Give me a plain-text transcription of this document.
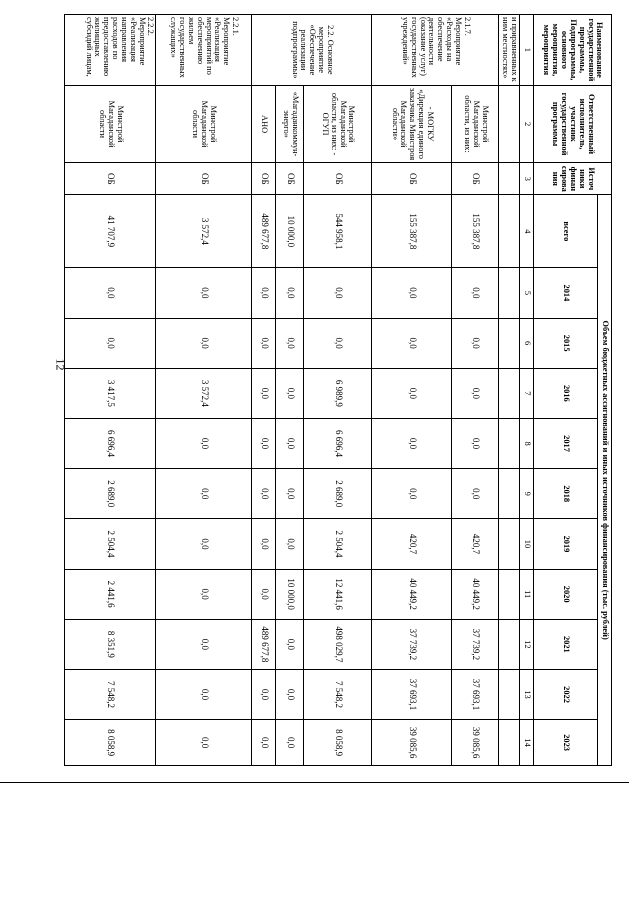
12
Наименование государственной программы, Подпрограммы, основного мероприятия, мероприятия	Ответственный исполнитель, участник государственной программы	Источники финансирования	Объем бюджетных ассигнований и иных источников финансирования (тыс. рублей)										
			всего	2014	2015	2016	2017	2018	2019	2020	2021	2022	2023
1	2	3	4	5	6	7	8	9	10	11	12	13	14
и приравненных к ним местностях»													
2.1.7. Мероприятие «Расходы на обеспечение деятельности (оказание услуг) государственных учреждений»	Минстрой Магаданской области, из них:	ОБ	155 387,8	0,0	0,0	0,0	0,0	0,0	420,7	40 449,2	37 739,2	37 693,1	39 085,6
	- МОГКУ «Дирекция единого заказчика Минстроя Магаданской области»	ОБ	155 387,8	0,0	0,0	0,0	0,0	0,0	420,7	40 449,2	37 739,2	37 693,1	39 085,6
2.2. Основное мероприятие «Обеспечение реализации подпрограммы»	Минстрой Магаданской области, из них: - ОГУП	ОБ	544 958,1	0,0	0,0	6 989,9	6 696,4	2 689,0	2 504,4	12 441,6	498 029,7	7 548,2	8 058,9
	«Магаданкоммун-энерго»	ОБ	10 000,0	0,0	0,0	0,0	0,0	0,0	0,0	10 000,0	0,0	0,0	0,0
	АНО	ОБ	489 677,8	0,0	0,0	0,0	0,0	0,0	0,0	0,0	489 677,8	0,0	0,0
2.2.1. Мероприятие «Реализация мероприятий по обеспечению жильем государственных служащих»	Минстрой Магаданской области	ОБ	3 572,4	0,0	0,0	3 572,4	0,0	0,0	0,0	0,0	0,0	0,0	0,0
2.2.2. Мероприятие «Реализация направления расходов по предоставлению жилищных субсидий лицам,	Минстрой Магаданской области	ОБ	41 707,9	0,0	0,0	3 417,5	6 696,4	2 689,0	2 504,4	2 441,6	8 351,9	7 548,2	8 058,9
